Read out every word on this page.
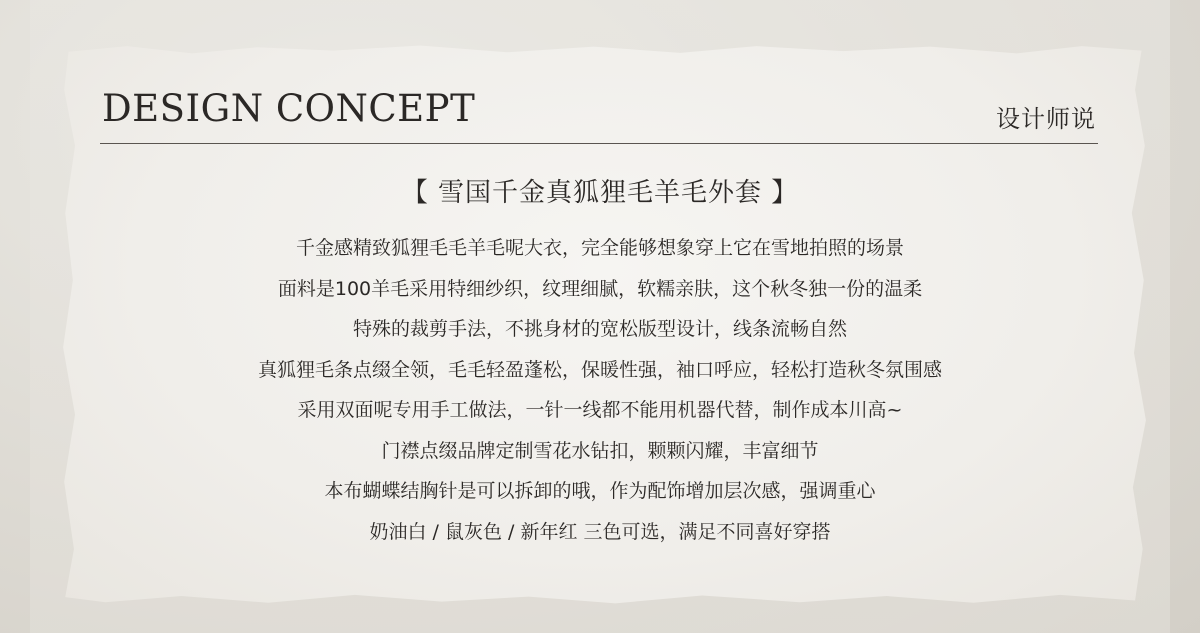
DESIGN CONCEPT	设计师说
【 雪国千金真狐狸毛羊毛外套 】
千金感精致狐狸毛毛羊毛呢大衣，完全能够想象穿上它在雪地拍照的场景
面料是100羊毛采用特细纱织，纹理细腻，软糯亲肤，这个秋冬独一份的温柔
特殊的裁剪手法，不挑身材的宽松版型设计，线条流畅自然
真狐狸毛条点缀全领，毛毛轻盈蓬松，保暖性强，袖口呼应，轻松打造秋冬氛围感
采用双面呢专用手工做法，一针一线都不能用机器代替，制作成本川高~
门襟点缀品牌定制雪花水钻扣，颗颗闪耀，丰富细节
本布蝴蝶结胸针是可以拆卸的哦，作为配饰增加层次感，强调重心
奶油白 / 鼠灰色 / 新年红 三色可选，满足不同喜好穿搭
